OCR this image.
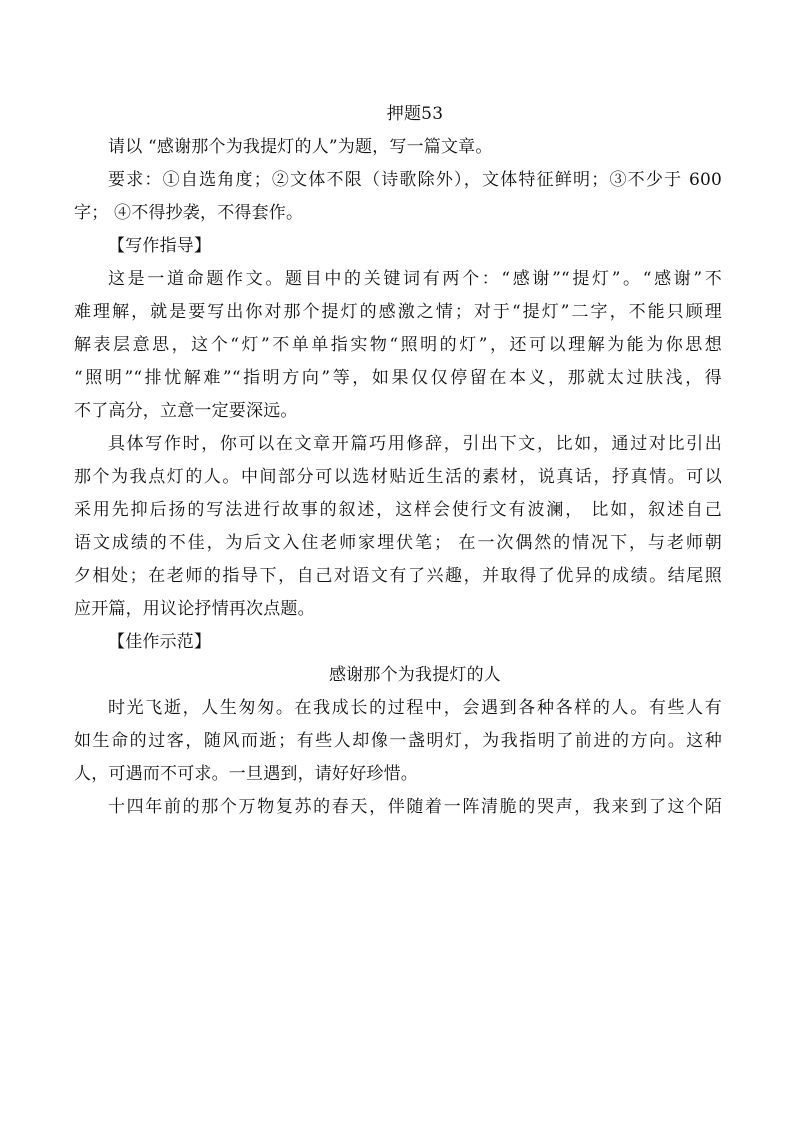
押题53
请以 “感谢那个为我提灯的人”为题，写一篇文章。
要求：①自选角度；②文体不限（诗歌除外），文体特征鲜明；③不少于 600
字； ④不得抄袭，不得套作。
【写作指导】
这是一道命题作文。题目中的关键词有两个：“感谢”“提灯”。“感谢”不
难理解，就是要写出你对那个提灯的感激之情；对于“提灯”二字，不能只顾理
解表层意思，这个“灯”不单单指实物“照明的灯”，还可以理解为能为你思想
“照明”“排忧解难”“指明方向”等，如果仅仅停留在本义，那就太过肤浅，得
不了高分，立意一定要深远。
具体写作时，你可以在文章开篇巧用修辞，引出下文，比如，通过对比引出
那个为我点灯的人。中间部分可以选材贴近生活的素材，说真话，抒真情。可以
采用先抑后扬的写法进行故事的叙述，这样会使行文有波澜， 比如，叙述自己
语文成绩的不佳，为后文入住老师家埋伏笔； 在一次偶然的情况下，与老师朝
夕相处；在老师的指导下，自己对语文有了兴趣，并取得了优异的成绩。结尾照
应开篇，用议论抒情再次点题。
【佳作示范】
感谢那个为我提灯的人
时光飞逝，人生匆匆。在我成长的过程中，会遇到各种各样的人。有些人有
如生命的过客，随风而逝；有些人却像一盏明灯，为我指明了前进的方向。这种
人，可遇而不可求。一旦遇到，请好好珍惜。
十四年前的那个万物复苏的春天，伴随着一阵清脆的哭声，我来到了这个陌
